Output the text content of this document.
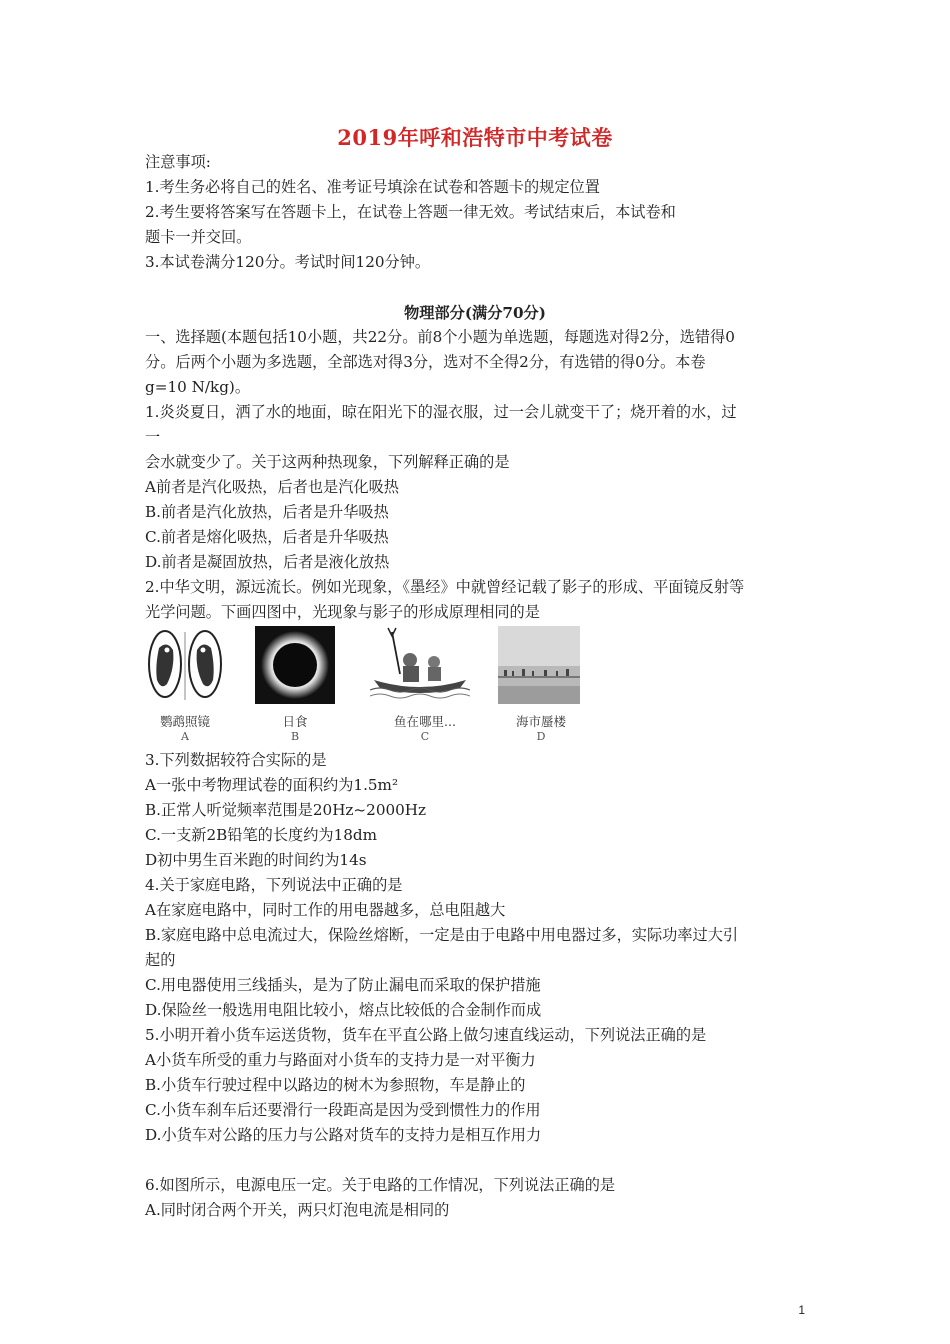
2019年呼和浩特市中考试卷
注意事项:
1.考生务必将自己的姓名、准考证号填涂在试卷和答题卡的规定位置
2.考生要将答案写在答题卡上，在试卷上答题一律无效。考试结束后，本试卷和
题卡一并交回。
3.本试卷满分120分。考试时间120分钟。
物理部分(满分70分)
一、选择题(本题包括10小题，共22分。前8个小题为单选题，每题选对得2分，选错得0
分。后两个小题为多选题，全部选对得3分，选对不全得2分，有选错的得0分。本卷
g=10 N/kg)。
1.炎炎夏日，洒了水的地面，晾在阳光下的湿衣服，过一会儿就变干了；烧开着的水，过
一
会水就变少了。关于这两种热现象，下列解释正确的是
A前者是汽化吸热，后者也是汽化吸热
B.前者是汽化放热，后者是升华吸热
C.前者是熔化吸热，后者是升华吸热
D.前者是凝固放热，后者是液化放热
2.中华文明，源远流长。例如光现象，《墨经》中就曾经记载了影子的形成、平面镜反射等
光学问题。下画四图中，光现象与影子的形成原理相同的是
鹦鹉照镜
A
日食
B
鱼在哪里...
C
海市蜃楼
D
3.下列数据较符合实际的是
A一张中考物理试卷的面积约为1.5m²
B.正常人听觉频率范围是20Hz~2000Hz
C.一支新2B铅笔的长度约为18dm
D初中男生百米跑的时间约为14s
4.关于家庭电路，下列说法中正确的是
A在家庭电路中，同时工作的用电器越多，总电阻越大
B.家庭电路中总电流过大，保险丝熔断，一定是由于电路中用电器过多，实际功率过大引
起的
C.用电器使用三线插头，是为了防止漏电而采取的保护措施
D.保险丝一般选用电阻比较小，熔点比较低的合金制作而成
5.小明开着小货车运送货物，货车在平直公路上做匀速直线运动，下列说法正确的是
A小货车所受的重力与路面对小货车的支持力是一对平衡力
B.小货车行驶过程中以路边的树木为参照物，车是静止的
C.小货车刹车后还要滑行一段距高是因为受到惯性力的作用
D.小货车对公路的压力与公路对货车的支持力是相互作用力
6.如图所示，电源电压一定。关于电路的工作情况，下列说法正确的是
A.同时闭合两个开关，两只灯泡电流是相同的
1
